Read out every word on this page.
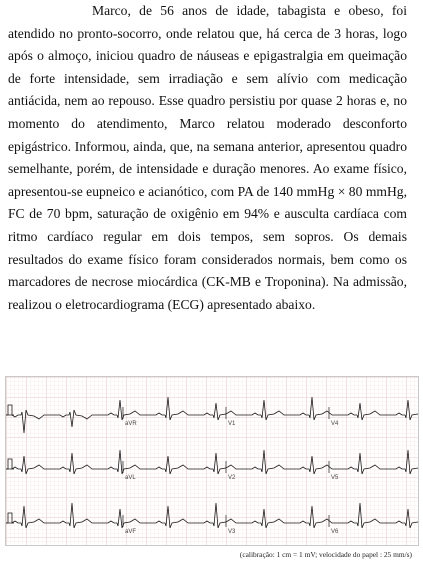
Marco, de 56 anos de idade, tabagista e obeso, foi atendido no pronto-socorro, onde relatou que, há cerca de 3 horas, logo após o almoço, iniciou quadro de náuseas e epigastralgia em queimação de forte intensidade, sem irradiação e sem alívio com medicação antiácida, nem ao repouso. Esse quadro persistiu por quase 2 horas e, no momento do atendimento, Marco relatou moderado desconforto epigástrico. Informou, ainda, que, na semana anterior, apresentou quadro semelhante, porém, de intensidade e duração menores. Ao exame físico, apresentou-se eupneico e acianótico, com PA de 140 mmHg × 80 mmHg, FC de 70 bpm, saturação de oxigênio em 94% e ausculta cardíaca com ritmo cardíaco regular em dois tempos, sem sopros. Os demais resultados do exame físico foram considerados normais, bem como os marcadores de necrose miocárdica (CK-MB e Troponina). Na admissão, realizou o eletrocardiograma (ECG) apresentado abaixo.

aVR	V1	V4
aVL	V2	V5
aVF	V3	V6
(calibração: 1 cm = 1 mV; velocidade do papel : 25 mm/s)
